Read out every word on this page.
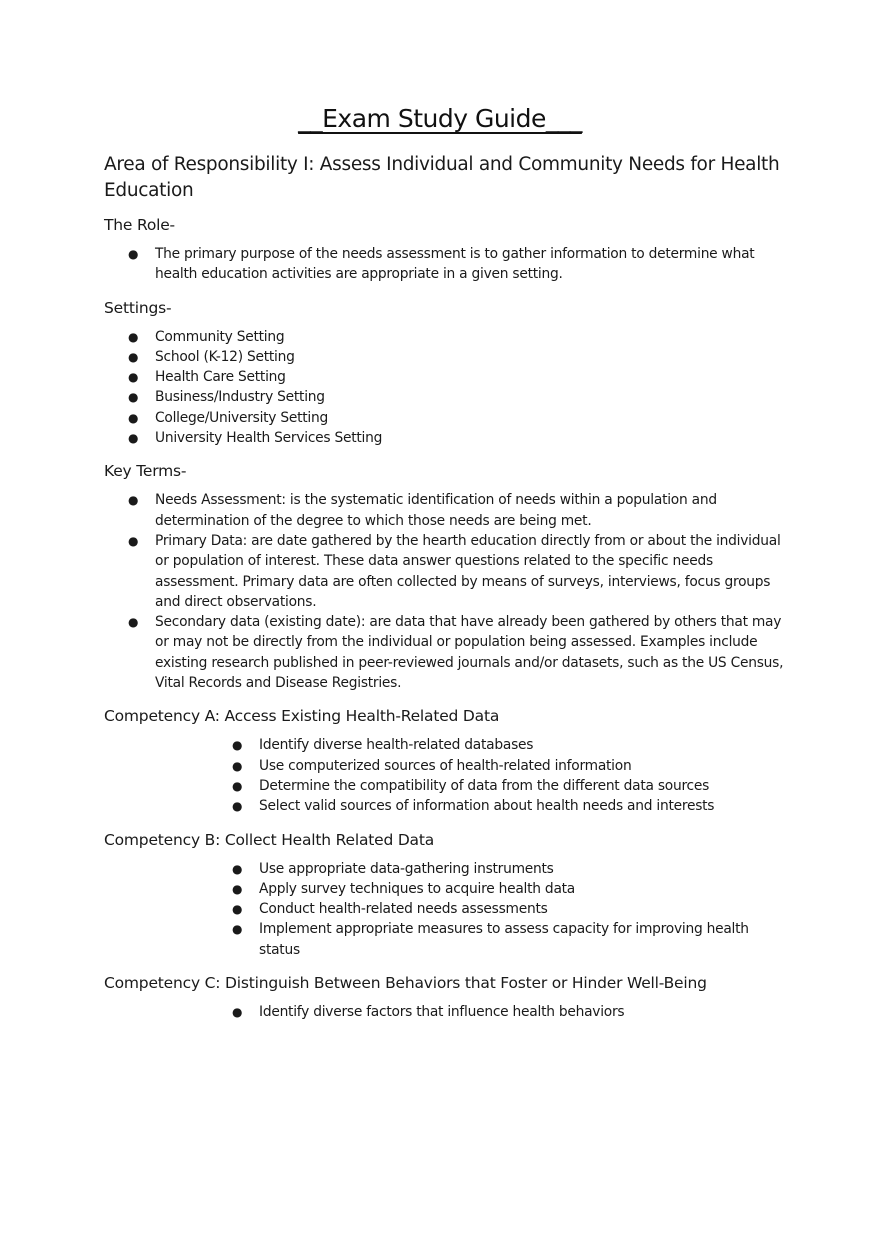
__Exam Study Guide___
Area of Responsibility I: Assess Individual and Community Needs for Health Education
The Role-
● The primary purpose of the needs assessment is to gather information to determine what health education activities are appropriate in a given setting.
Settings-
● Community Setting
● School (K-12) Setting
● Health Care Setting
● Business/Industry Setting
● College/University Setting
● University Health Services Setting
Key Terms-
● Needs Assessment: is the systematic identification of needs within a population and determination of the degree to which those needs are being met.
● Primary Data: are date gathered by the hearth education directly from or about the individual or population of interest. These data answer questions related to the specific needs assessment. Primary data are often collected by means of surveys, interviews, focus groups and direct observations.
● Secondary data (existing date): are data that have already been gathered by others that may or may not be directly from the individual or population being assessed. Examples include existing research published in peer-reviewed journals and/or datasets, such as the US Census, Vital Records and Disease Registries.
Competency A: Access Existing Health-Related Data
● Identify diverse health-related databases
● Use computerized sources of health-related information
● Determine the compatibility of data from the different data sources
● Select valid sources of information about health needs and interests
Competency B: Collect Health Related Data
● Use appropriate data-gathering instruments
● Apply survey techniques to acquire health data
● Conduct health-related needs assessments
● Implement appropriate measures to assess capacity for improving health status
Competency C: Distinguish Between Behaviors that Foster or Hinder Well-Being
● Identify diverse factors that influence health behaviors
